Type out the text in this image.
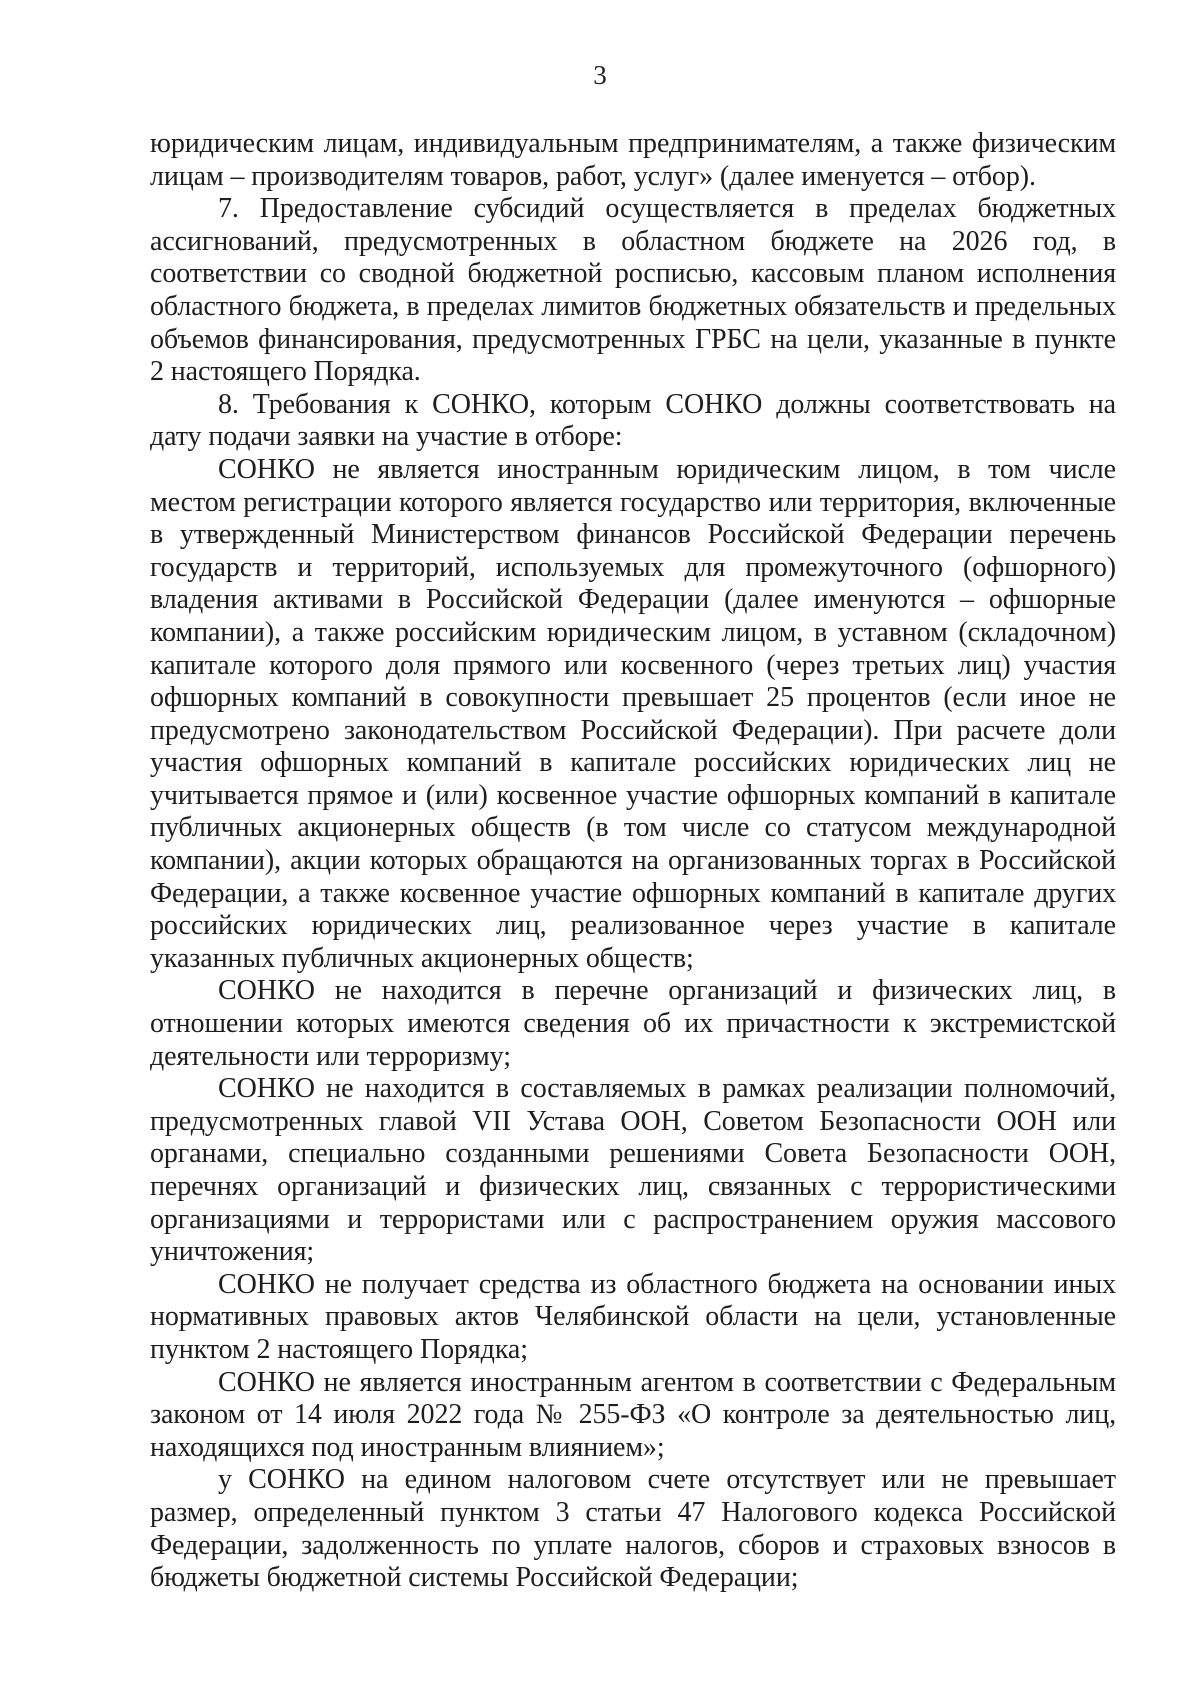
3

юридическим лицам, индивидуальным предпринимателям, а также физическим лицам – производителям товаров, работ, услуг» (далее именуется – отбор).

7. Предоставление субсидий осуществляется в пределах бюджетных ассигнований, предусмотренных в областном бюджете на 2026 год, в соответствии со сводной бюджетной росписью, кассовым планом исполнения областного бюджета, в пределах лимитов бюджетных обязательств и предельных объемов финансирования, предусмотренных ГРБС на цели, указанные в пункте 2 настоящего Порядка.

8. Требования к СОНКО, которым СОНКО должны соответствовать на дату подачи заявки на участие в отборе:

СОНКО не является иностранным юридическим лицом, в том числе местом регистрации которого является государство или территория, включенные в утвержденный Министерством финансов Российской Федерации перечень государств и территорий, используемых для промежуточного (офшорного) владения активами в Российской Федерации (далее именуются – офшорные компании), а также российским юридическим лицом, в уставном (складочном) капитале которого доля прямого или косвенного (через третьих лиц) участия офшорных компаний в совокупности превышает 25 процентов (если иное не предусмотрено законодательством Российской Федерации). При расчете доли участия офшорных компаний в капитале российских юридических лиц не учитывается прямое и (или) косвенное участие офшорных компаний в капитале публичных акционерных обществ (в том числе со статусом международной компании), акции которых обращаются на организованных торгах в Российской Федерации, а также косвенное участие офшорных компаний в капитале других российских юридических лиц, реализованное через участие в капитале указанных публичных акционерных обществ;

СОНКО не находится в перечне организаций и физических лиц, в отношении которых имеются сведения об их причастности к экстремистской деятельности или терроризму;

СОНКО не находится в составляемых в рамках реализации полномочий, предусмотренных главой VII Устава ООН, Советом Безопасности ООН или органами, специально созданными решениями Совета Безопасности ООН, перечнях организаций и физических лиц, связанных с террористическими организациями и террористами или с распространением оружия массового уничтожения;

СОНКО не получает средства из областного бюджета на основании иных нормативных правовых актов Челябинской области на цели, установленные пунктом 2 настоящего Порядка;

СОНКО не является иностранным агентом в соответствии с Федеральным законом от 14 июля 2022 года № 255-ФЗ «О контроле за деятельностью лиц, находящихся под иностранным влиянием»;

у СОНКО на едином налоговом счете отсутствует или не превышает размер, определенный пунктом 3 статьи 47 Налогового кодекса Российской Федерации, задолженность по уплате налогов, сборов и страховых взносов в бюджеты бюджетной системы Российской Федерации;
